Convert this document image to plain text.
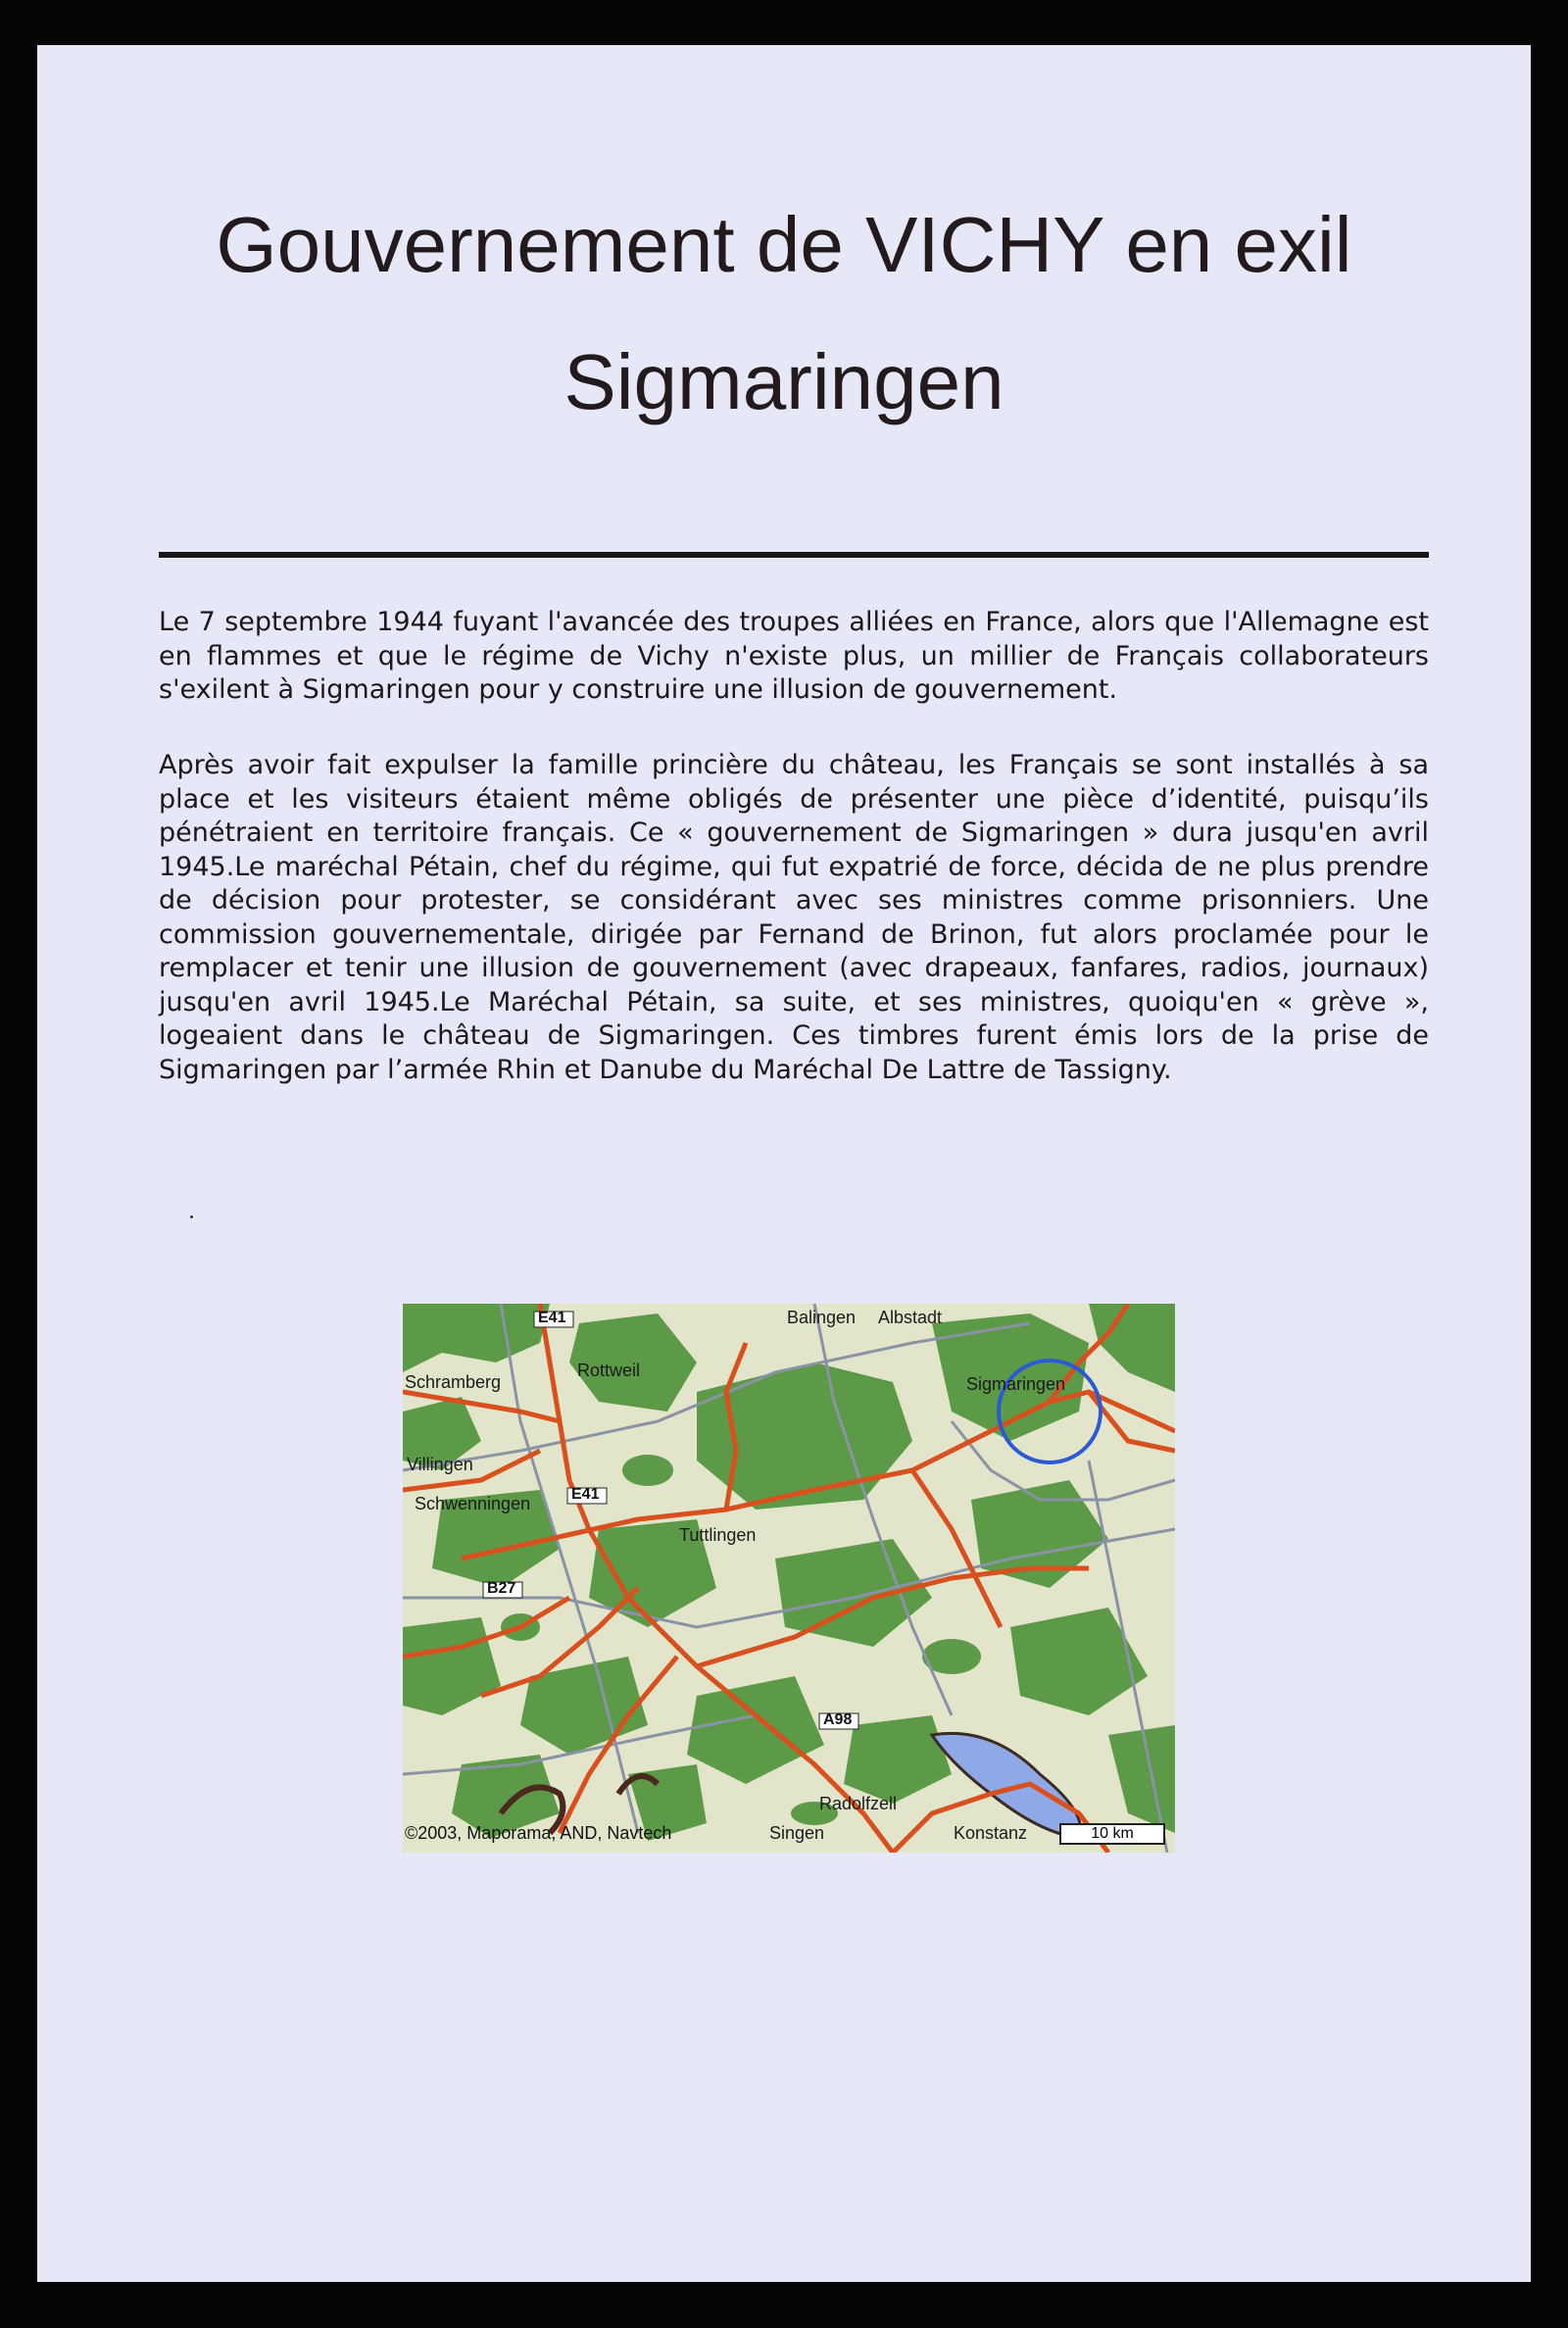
Gouvernement de VICHY en exil
Sigmaringen

Le 7 septembre 1944 fuyant l'avancée des troupes alliées en France, alors que l'Allemagne est en flammes et que le régime de Vichy n'existe plus, un millier de Français collaborateurs s'exilent à Sigmaringen pour y construire une illusion de gouvernement.

Après avoir fait expulser la famille princière du château, les Français se sont installés à sa place et les visiteurs étaient même obligés de présenter une pièce d’identité, puisqu’ils pénétraient en territoire français. Ce « gouvernement de Sigmaringen » dura jusqu'en avril 1945.Le maréchal Pétain, chef du régime, qui fut expatrié de force, décida de ne plus prendre de décision pour protester, se considérant avec ses ministres comme prisonniers. Une commission gouvernementale, dirigée par Fernand de Brinon, fut alors proclamée pour le remplacer et tenir une illusion de gouvernement (avec drapeaux, fanfares, radios, journaux) jusqu'en avril 1945.Le Maréchal Pétain, sa suite, et ses ministres, quoiqu'en « grève », logeaient dans le château de Sigmaringen. Ces timbres furent émis lors de la prise de Sigmaringen par l’armée Rhin et Danube du Maréchal De Lattre de Tassigny.

E41
E41
B27
A98
Balingen Albstadt
Schramberg
Rottweil
Sigmaringen
Villingen
Schwenningen
Tuttlingen
Radolfzell
Singen	Konstanz
©2003, Maporama, AND, Navtech	10 km
